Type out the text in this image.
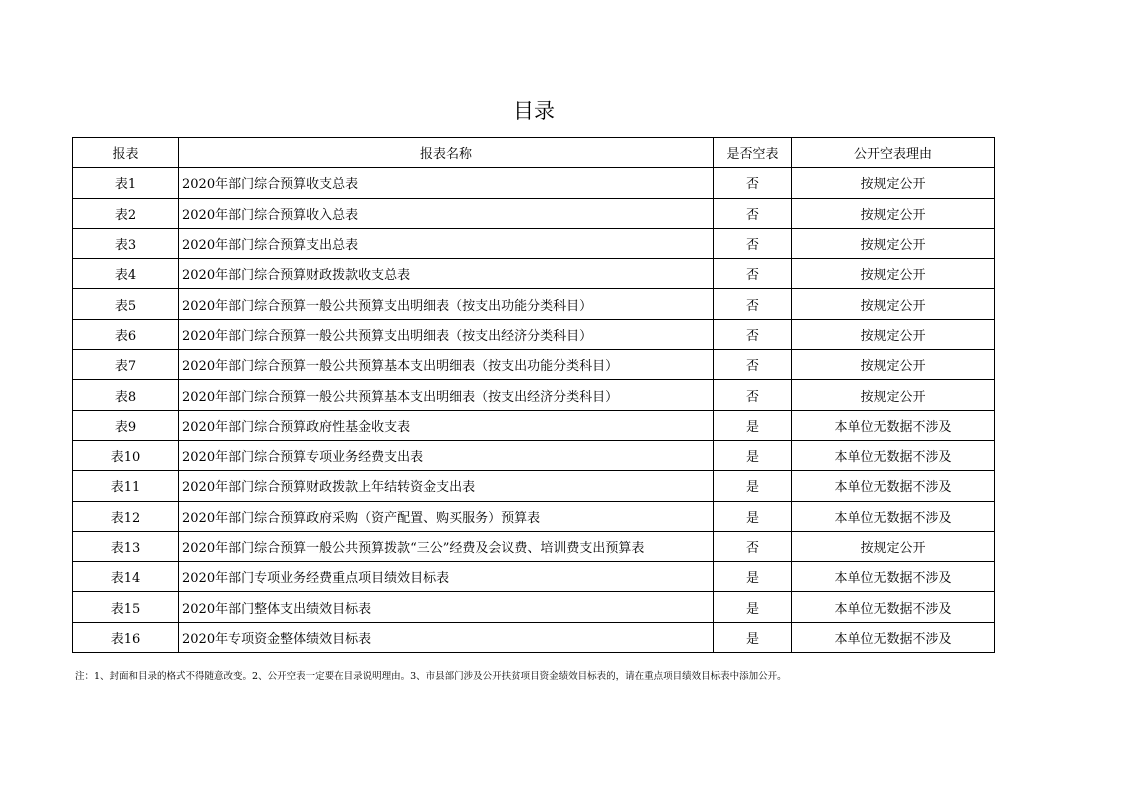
目录
报表	报表名称	是否空表	公开空表理由
表1	2020年部门综合预算收支总表	否	按规定公开
表2	2020年部门综合预算收入总表	否	按规定公开
表3	2020年部门综合预算支出总表	否	按规定公开
表4	2020年部门综合预算财政拨款收支总表	否	按规定公开
表5	2020年部门综合预算一般公共预算支出明细表（按支出功能分类科目）	否	按规定公开
表6	2020年部门综合预算一般公共预算支出明细表（按支出经济分类科目）	否	按规定公开
表7	2020年部门综合预算一般公共预算基本支出明细表（按支出功能分类科目）	否	按规定公开
表8	2020年部门综合预算一般公共预算基本支出明细表（按支出经济分类科目）	否	按规定公开
表9	2020年部门综合预算政府性基金收支表	是	本单位无数据不涉及
表10	2020年部门综合预算专项业务经费支出表	是	本单位无数据不涉及
表11	2020年部门综合预算财政拨款上年结转资金支出表	是	本单位无数据不涉及
表12	2020年部门综合预算政府采购（资产配置、购买服务）预算表	是	本单位无数据不涉及
表13	2020年部门综合预算一般公共预算拨款“三公”经费及会议费、培训费支出预算表	否	按规定公开
表14	2020年部门专项业务经费重点项目绩效目标表	是	本单位无数据不涉及
表15	2020年部门整体支出绩效目标表	是	本单位无数据不涉及
表16	2020年专项资金整体绩效目标表	是	本单位无数据不涉及
注：1、封面和目录的格式不得随意改变。2、公开空表一定要在目录说明理由。3、市县部门涉及公开扶贫项目资金绩效目标表的，请在重点项目绩效目标表中添加公开。
